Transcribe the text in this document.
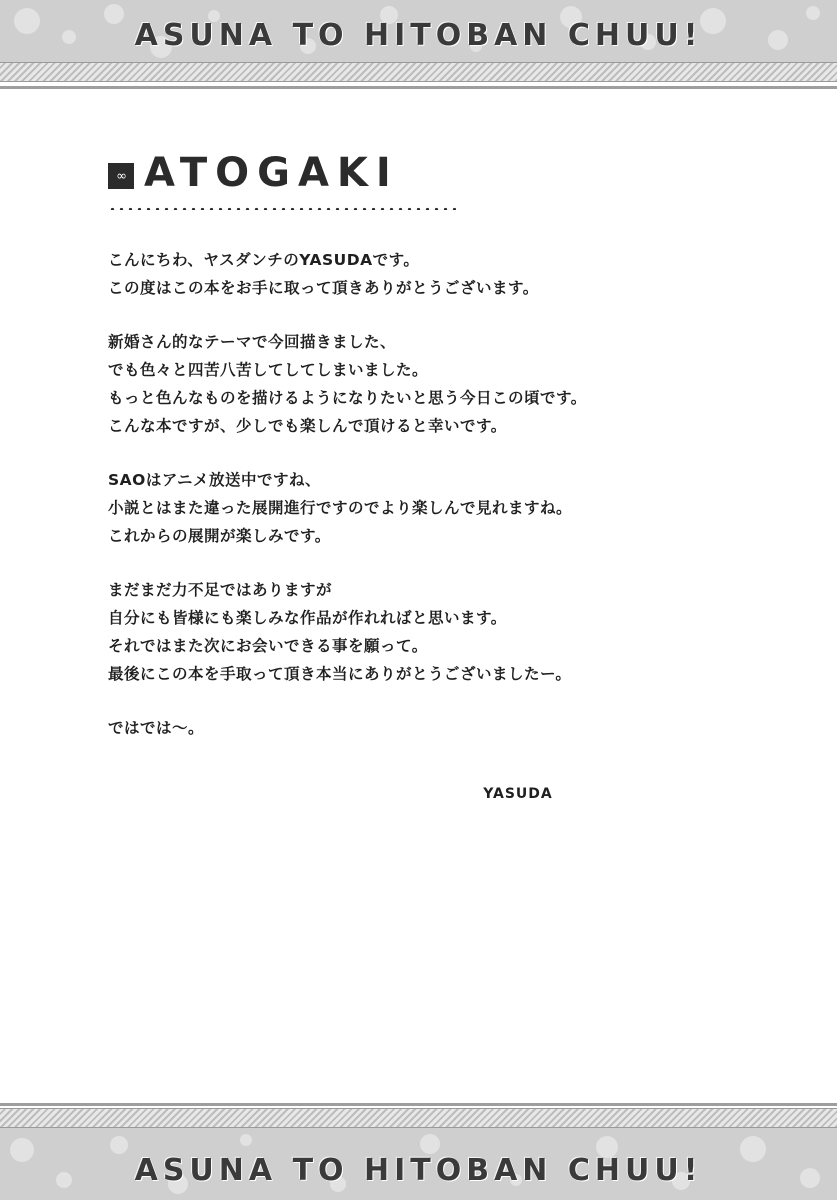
ASUNA TO HITOBAN CHUU!
∞ ATOGAKI
こんにちわ、ヤスダンチのYASUDAです。
この度はこの本をお手に取って頂きありがとうございます。
新婚さん的なテーマで今回描きました、
でも色々と四苦八苦してしてしまいました。
もっと色んなものを描けるようになりたいと思う今日この頃です。
こんな本ですが、少しでも楽しんで頂けると幸いです。
SAOはアニメ放送中ですね、
小説とはまた違った展開進行ですのでより楽しんで見れますね。
これからの展開が楽しみです。
まだまだ力不足ではありますが
自分にも皆様にも楽しみな作品が作れればと思います。
それではまた次にお会いできる事を願って。
最後にこの本を手取って頂き本当にありがとうございましたー。
ではでは〜。
YASUDA
ASUNA TO HITOBAN CHUU!
